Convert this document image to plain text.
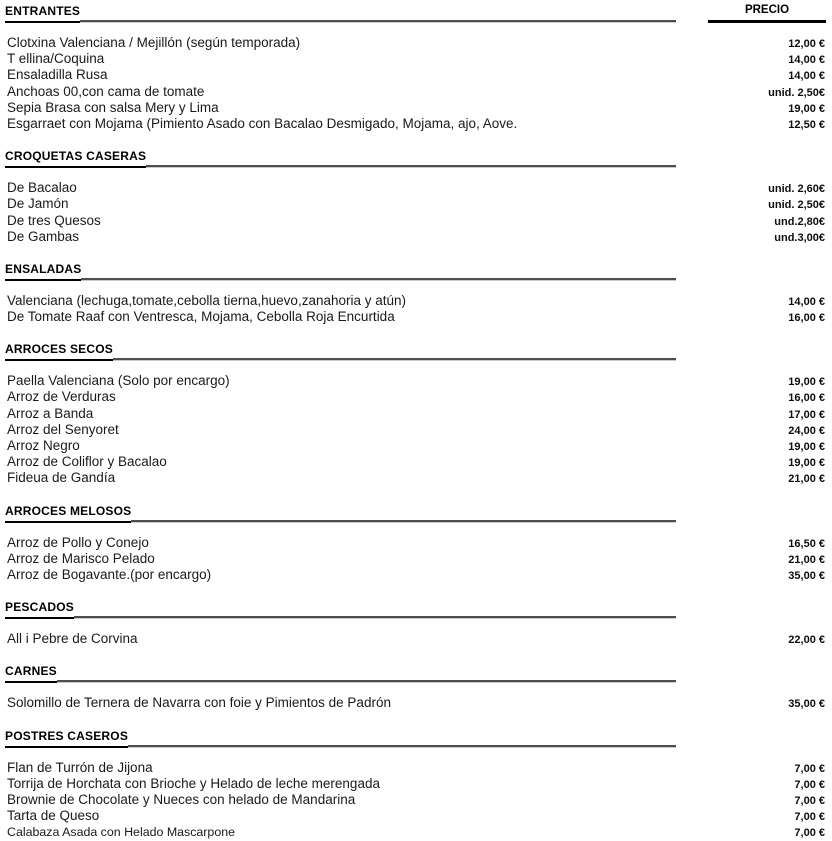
ENTRANTES	PRECIO
Clotxina Valenciana / Mejillón (según temporada)	12,00 €
T ellina/Coquina	14,00 €
Ensaladilla Rusa	14,00 €
Anchoas 00,con cama de tomate	unid. 2,50€
Sepia Brasa con salsa Mery y Lima	19,00 €
Esgarraet con Mojama (Pimiento Asado con Bacalao Desmigado, Mojama, ajo, Aove.	12,50 €
CROQUETAS CASERAS
De Bacalao	unid. 2,60€
De Jamón	unid. 2,50€
De tres Quesos	und.2,80€
De Gambas	und.3,00€
ENSALADAS
Valenciana (lechuga,tomate,cebolla tierna,huevo,zanahoria y atún)	14,00 €
De Tomate Raaf con Ventresca, Mojama, Cebolla Roja Encurtida	16,00 €
ARROCES SECOS
Paella Valenciana (Solo por encargo)	19,00 €
Arroz de Verduras	16,00 €
Arroz a Banda	17,00 €
Arroz del Senyoret	24,00 €
Arroz Negro	19,00 €
Arroz de Coliflor y Bacalao	19,00 €
Fideua de Gandía	21,00 €
ARROCES MELOSOS
Arroz de Pollo y Conejo	16,50 €
Arroz de Marisco Pelado	21,00 €
Arroz de Bogavante.(por encargo)	35,00 €
PESCADOS
All i Pebre de Corvina	22,00 €
CARNES
Solomillo de Ternera de Navarra con foie y Pimientos de Padrón	35,00 €
POSTRES CASEROS
Flan de Turrón de Jijona	7,00 €
Torrija de Horchata con Brioche y Helado de leche merengada	7,00 €
Brownie de Chocolate y Nueces con helado de Mandarina	7,00 €
Tarta de Queso	7,00 €
Calabaza Asada con Helado Mascarpone	7,00 €
